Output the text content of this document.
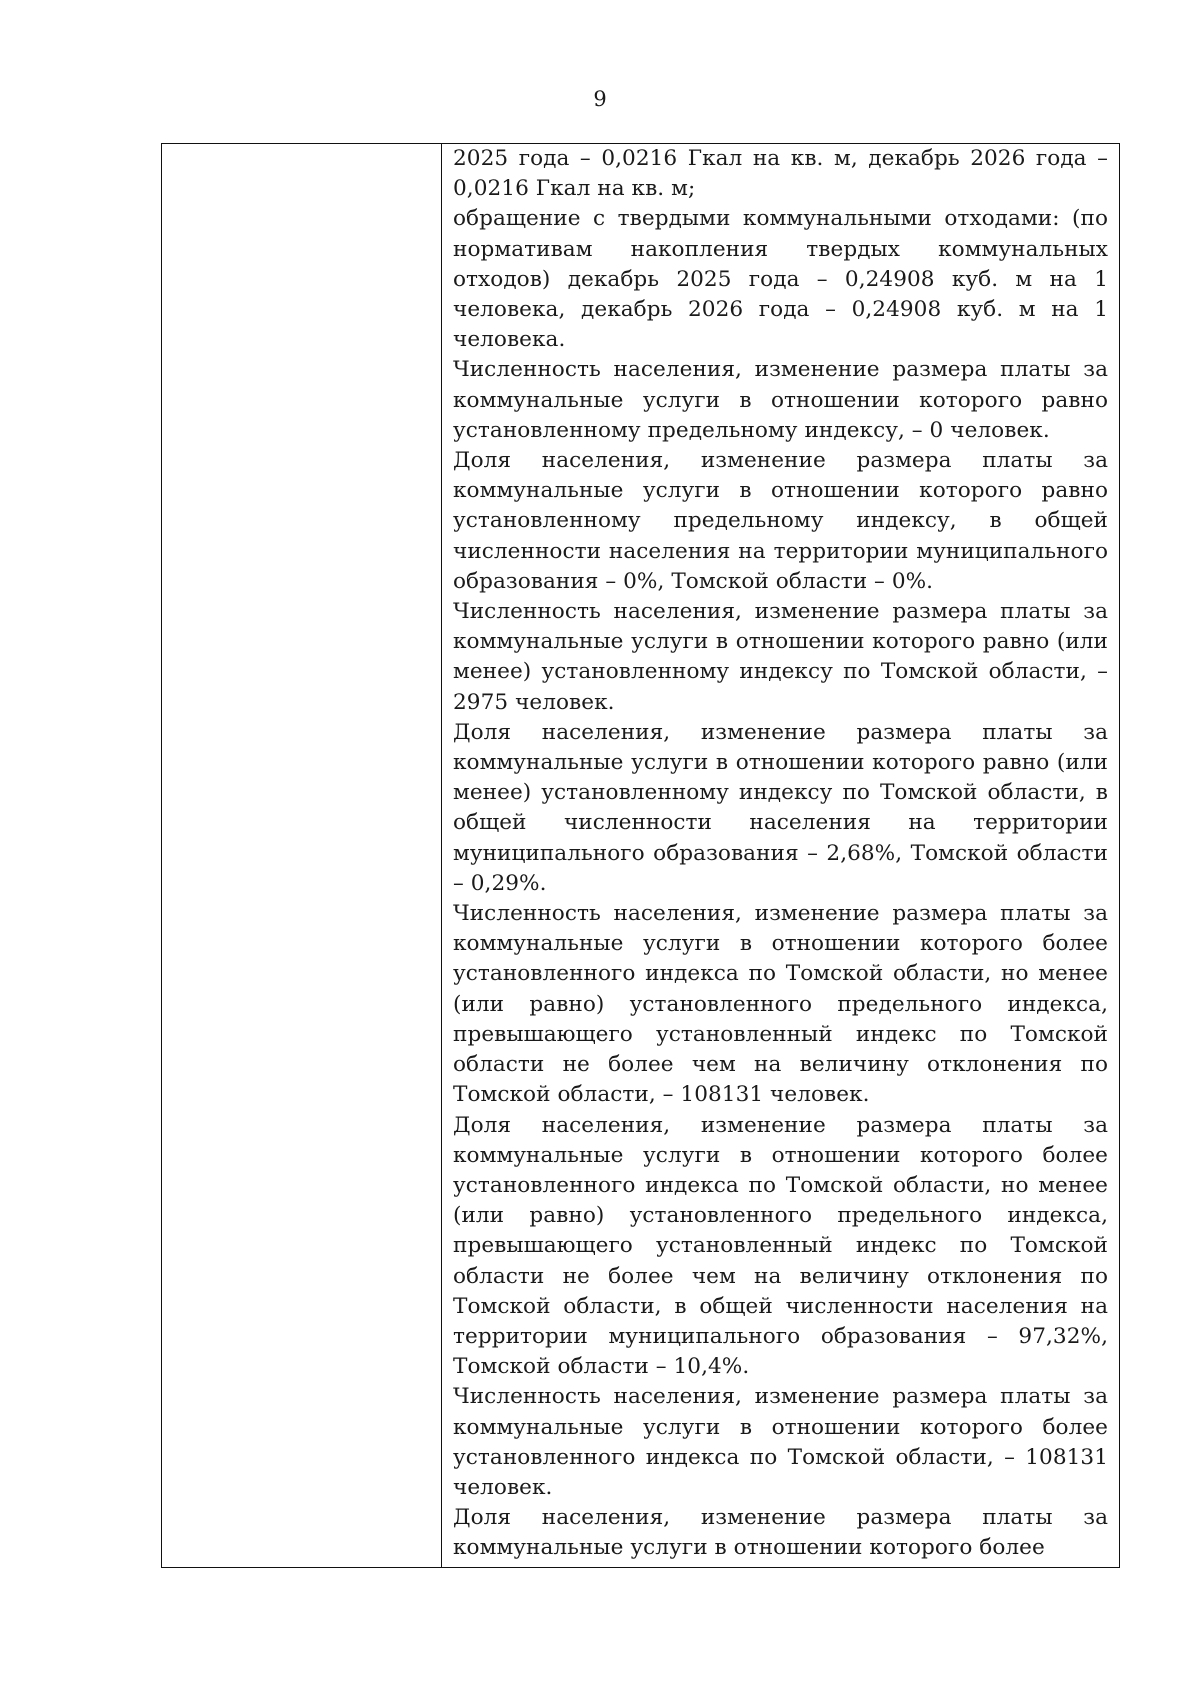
9

2025 года – 0,0216 Гкал на кв. м, декабрь 2026 года – 0,0216 Гкал на кв. м;

обращение с твердыми коммунальными отходами: (по нормативам накопления твердых коммунальных отходов) декабрь 2025 года – 0,24908 куб. м на 1 человека, декабрь 2026 года – 0,24908 куб. м на 1 человека.

Численность населения, изменение размера платы за коммунальные услуги в отношении которого равно установленному предельному индексу, – 0 человек.

Доля населения, изменение размера платы за коммунальные услуги в отношении которого равно установленному предельному индексу, в общей численности населения на территории муниципального образования – 0%, Томской области – 0%.

Численность населения, изменение размера платы за коммунальные услуги в отношении которого равно (или менее) установленному индексу по Томской области, – 2975 человек.

Доля населения, изменение размера платы за коммунальные услуги в отношении которого равно (или менее) установленному индексу по Томской области, в общей численности населения на территории муниципального образования – 2,68%, Томской области – 0,29%.

Численность населения, изменение размера платы за коммунальные услуги в отношении которого более установленного индекса по Томской области, но менее (или равно) установленного предельного индекса, превышающего установленный индекс по Томской области не более чем на величину отклонения по Томской области, – 108131 человек.

Доля населения, изменение размера платы за коммунальные услуги в отношении которого более установленного индекса по Томской области, но менее (или равно) установленного предельного индекса, превышающего установленный индекс по Томской области не более чем на величину отклонения по Томской области, в общей численности населения на территории муниципального образования – 97,32%, Томской области – 10,4%.

Численность населения, изменение размера платы за коммунальные услуги в отношении которого более установленного индекса по Томской области, – 108131 человек.

Доля населения, изменение размера платы за коммунальные услуги в отношении которого более
